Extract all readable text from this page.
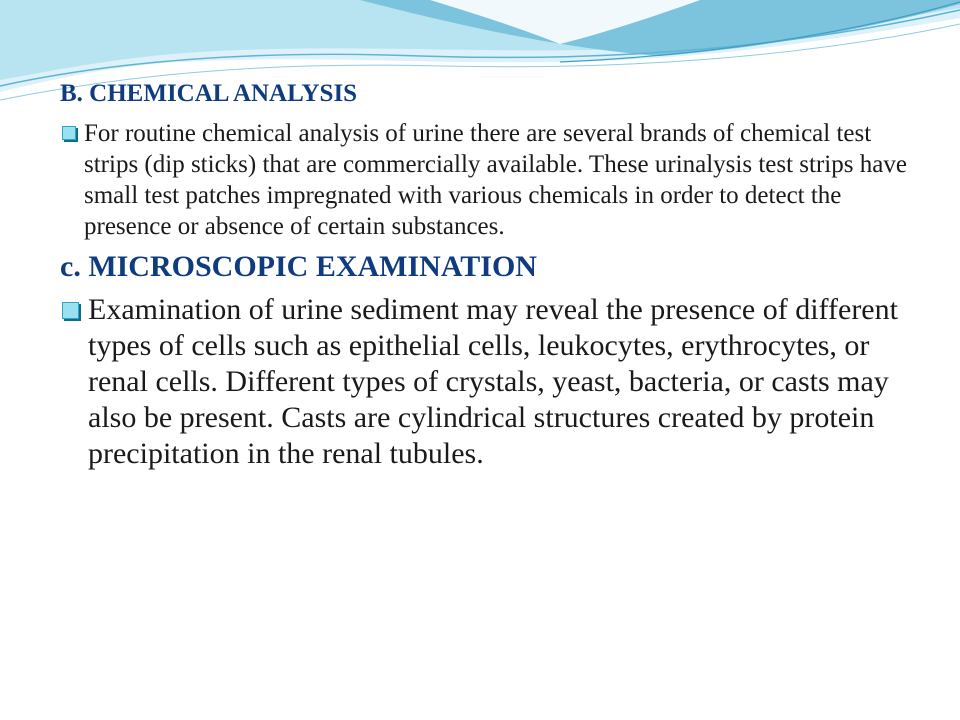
B. CHEMICAL ANALYSIS
For routine chemical analysis of urine there are several brands of chemical test strips (dip sticks) that are commercially available. These urinalysis test strips have small test patches impregnated with various chemicals in order to detect the presence or absence of certain substances.
c. MICROSCOPIC EXAMINATION
Examination of urine sediment may reveal the presence of different types of cells such as epithelial cells, leukocytes, erythrocytes, or renal cells. Different types of crystals, yeast, bacteria, or casts may also be present. Casts are cylindrical structures created by protein precipitation in the renal tubules.
